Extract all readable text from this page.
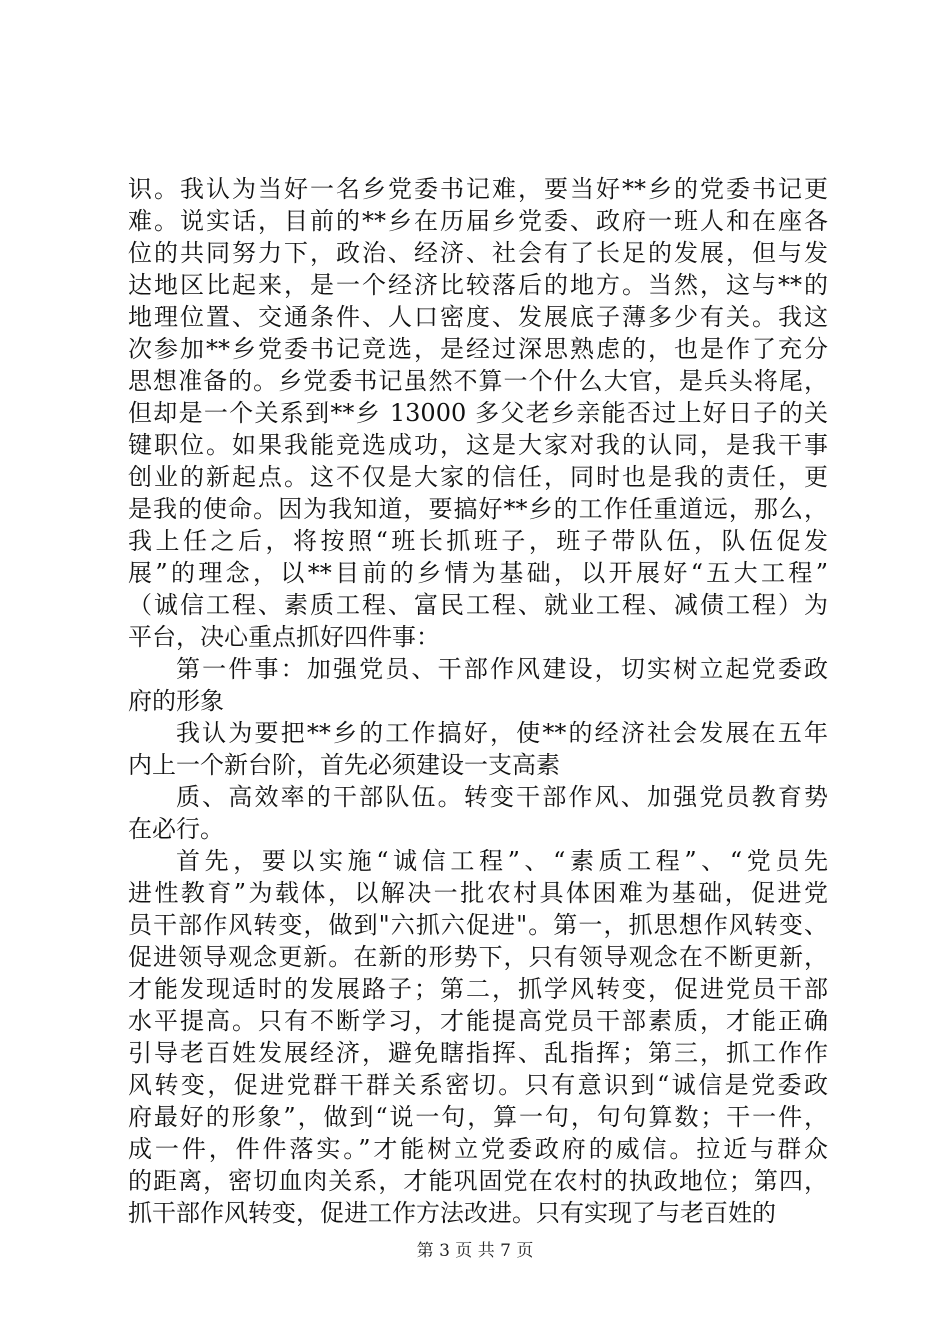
识。我认为当好一名乡党委书记难，要当好**乡的党委书记更
难。说实话，目前的**乡在历届乡党委、政府一班人和在座各
位的共同努力下，政治、经济、社会有了长足的发展，但与发
达地区比起来，是一个经济比较落后的地方。当然，这与**的
地理位置、交通条件、人口密度、发展底子薄多少有关。我这
次参加**乡党委书记竞选，是经过深思熟虑的，也是作了充分
思想准备的。乡党委书记虽然不算一个什么大官，是兵头将尾，
但却是一个关系到**乡 13000 多父老乡亲能否过上好日子的关
键职位。如果我能竞选成功，这是大家对我的认同，是我干事
创业的新起点。这不仅是大家的信任，同时也是我的责任，更
是我的使命。因为我知道，要搞好**乡的工作任重道远，那么，
我上任之后，将按照“班长抓班子，班子带队伍，队伍促发
展”的理念，以**目前的乡情为基础，以开展好“五大工程”
（诚信工程、素质工程、富民工程、就业工程、减债工程）为
平台，决心重点抓好四件事：
第一件事：加强党员、干部作风建设，切实树立起党委政
府的形象
我认为要把**乡的工作搞好，使**的经济社会发展在五年
内上一个新台阶，首先必须建设一支高素
质、高效率的干部队伍。转变干部作风、加强党员教育势
在必行。
首先，要以实施“诚信工程”、“素质工程”、“党员先
进性教育”为载体，以解决一批农村具体困难为基础，促进党
员干部作风转变，做到"六抓六促进"。第一，抓思想作风转变、
促进领导观念更新。在新的形势下，只有领导观念在不断更新，
才能发现适时的发展路子；第二，抓学风转变，促进党员干部
水平提高。只有不断学习，才能提高党员干部素质，才能正确
引导老百姓发展经济，避免瞎指挥、乱指挥；第三，抓工作作
风转变，促进党群干群关系密切。只有意识到“诚信是党委政
府最好的形象”，做到“说一句，算一句，句句算数；干一件，
成一件，件件落实。”才能树立党委政府的威信。拉近与群众
的距离，密切血肉关系，才能巩固党在农村的执政地位；第四，
抓干部作风转变，促进工作方法改进。只有实现了与老百姓的
第 3 页 共 7 页
